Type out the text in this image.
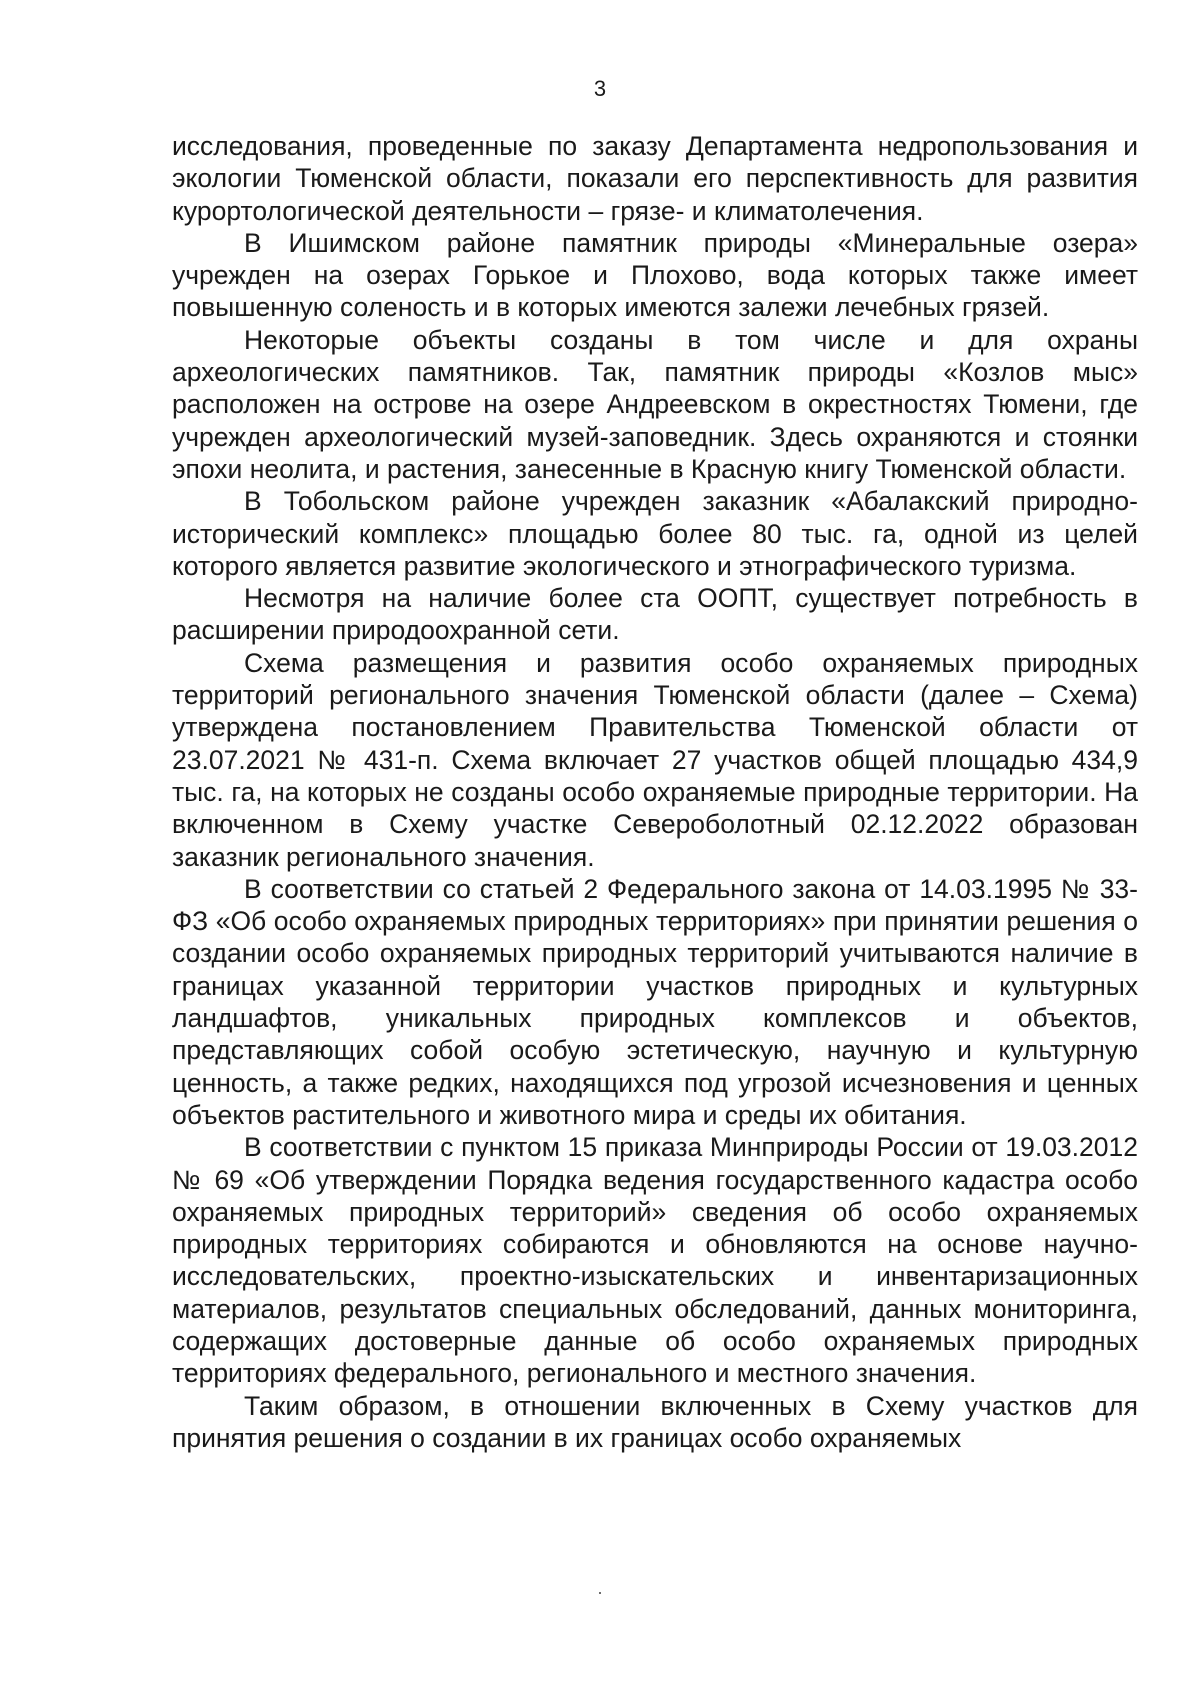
3

исследования, проведенные по заказу Департамента недропользования и экологии Тюменской области, показали его перспективность для развития курортологической деятельности – грязе- и климатолечения.

В Ишимском районе памятник природы «Минеральные озера» учрежден на озерах Горькое и Плохово, вода которых также имеет повышенную соленость и в которых имеются залежи лечебных грязей.

Некоторые объекты созданы в том числе и для охраны археологических памятников. Так, памятник природы «Козлов мыс» расположен на острове на озере Андреевском в окрестностях Тюмени, где учрежден археологический музей-заповедник. Здесь охраняются и стоянки эпохи неолита, и растения, занесенные в Красную книгу Тюменской области.

В Тобольском районе учрежден заказник «Абалакский природно-исторический комплекс» площадью более 80 тыс. га, одной из целей которого является развитие экологического и этнографического туризма.

Несмотря на наличие более ста ООПТ, существует потребность в расширении природоохранной сети.

Схема размещения и развития особо охраняемых природных территорий регионального значения Тюменской области (далее – Схема) утверждена постановлением Правительства Тюменской области от 23.07.2021 № 431-п. Схема включает 27 участков общей площадью 434,9 тыс. га, на которых не созданы особо охраняемые природные территории. На включенном в Схему участке Североболотный 02.12.2022 образован заказник регионального значения.

В соответствии со статьей 2 Федерального закона от 14.03.1995 № 33-ФЗ «Об особо охраняемых природных территориях» при принятии решения о создании особо охраняемых природных территорий учитываются наличие в границах указанной территории участков природных и культурных ландшафтов, уникальных природных комплексов и объектов, представляющих собой особую эстетическую, научную и культурную ценность, а также редких, находящихся под угрозой исчезновения и ценных объектов растительного и животного мира и среды их обитания.

В соответствии с пунктом 15 приказа Минприроды России от 19.03.2012 № 69 «Об утверждении Порядка ведения государственного кадастра особо охраняемых природных территорий» сведения об особо охраняемых природных территориях собираются и обновляются на основе научно-исследовательских, проектно-изыскательских и инвентаризационных материалов, результатов специальных обследований, данных мониторинга, содержащих достоверные данные об особо охраняемых природных территориях федерального, регионального и местного значения.

Таким образом, в отношении включенных в Схему участков для принятия решения о создании в их границах особо охраняемых

·
